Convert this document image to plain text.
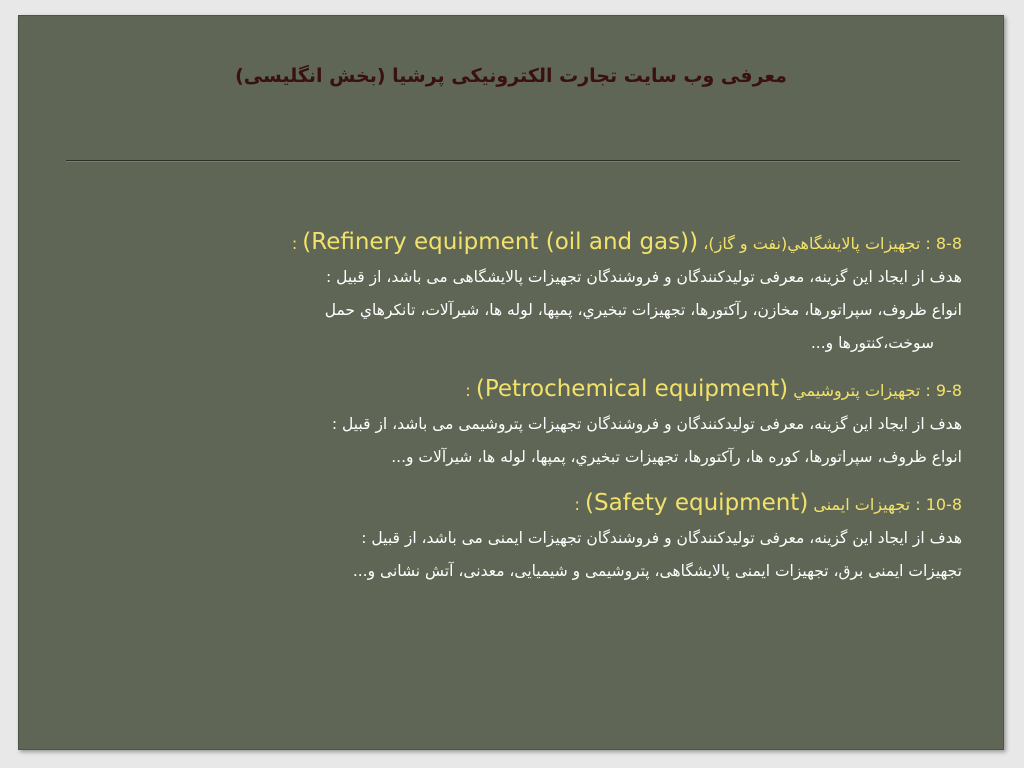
معرفی وب سایت تجارت الکترونیکی پرشیا (بخش انگلیسی)
8-8 : تجهيزات پالايشگاهي(نفت و گاز)، (Refinery equipment (oil and gas)) :
هدف از ایجاد این گزینه، معرفی تولیدکنندگان و فروشندگان تجهیزات پالایشگاهی می باشد، از قبیل :
انواع ظروف، سپراتورها، مخازن، رآکتورها، تجهيزات تبخيري، پمپها، لوله ها، شيرآلات، تانکرهاي حمل
سوخت،کنتورها و...
9-8 : تجهيزات پتروشيمي (Petrochemical equipment) :
هدف از ایجاد این گزینه، معرفی تولیدکنندگان و فروشندگان تجهیزات پتروشیمی می باشد، از قبیل :
انواع ظروف، سپراتورها، کوره ها، رآکتورها، تجهيزات تبخيري، پمپها، لوله ها، شيرآلات و...
10-8 : تجهیزات ایمنی (Safety equipment) :
هدف از ایجاد این گزینه، معرفی تولیدکنندگان و فروشندگان تجهیزات ایمنی می باشد، از قبیل :
تجهیزات ایمنی برق، تجهیزات ایمنی پالایشگاهی، پتروشیمی و شیمیایی، معدنی، آتش نشانی و...
